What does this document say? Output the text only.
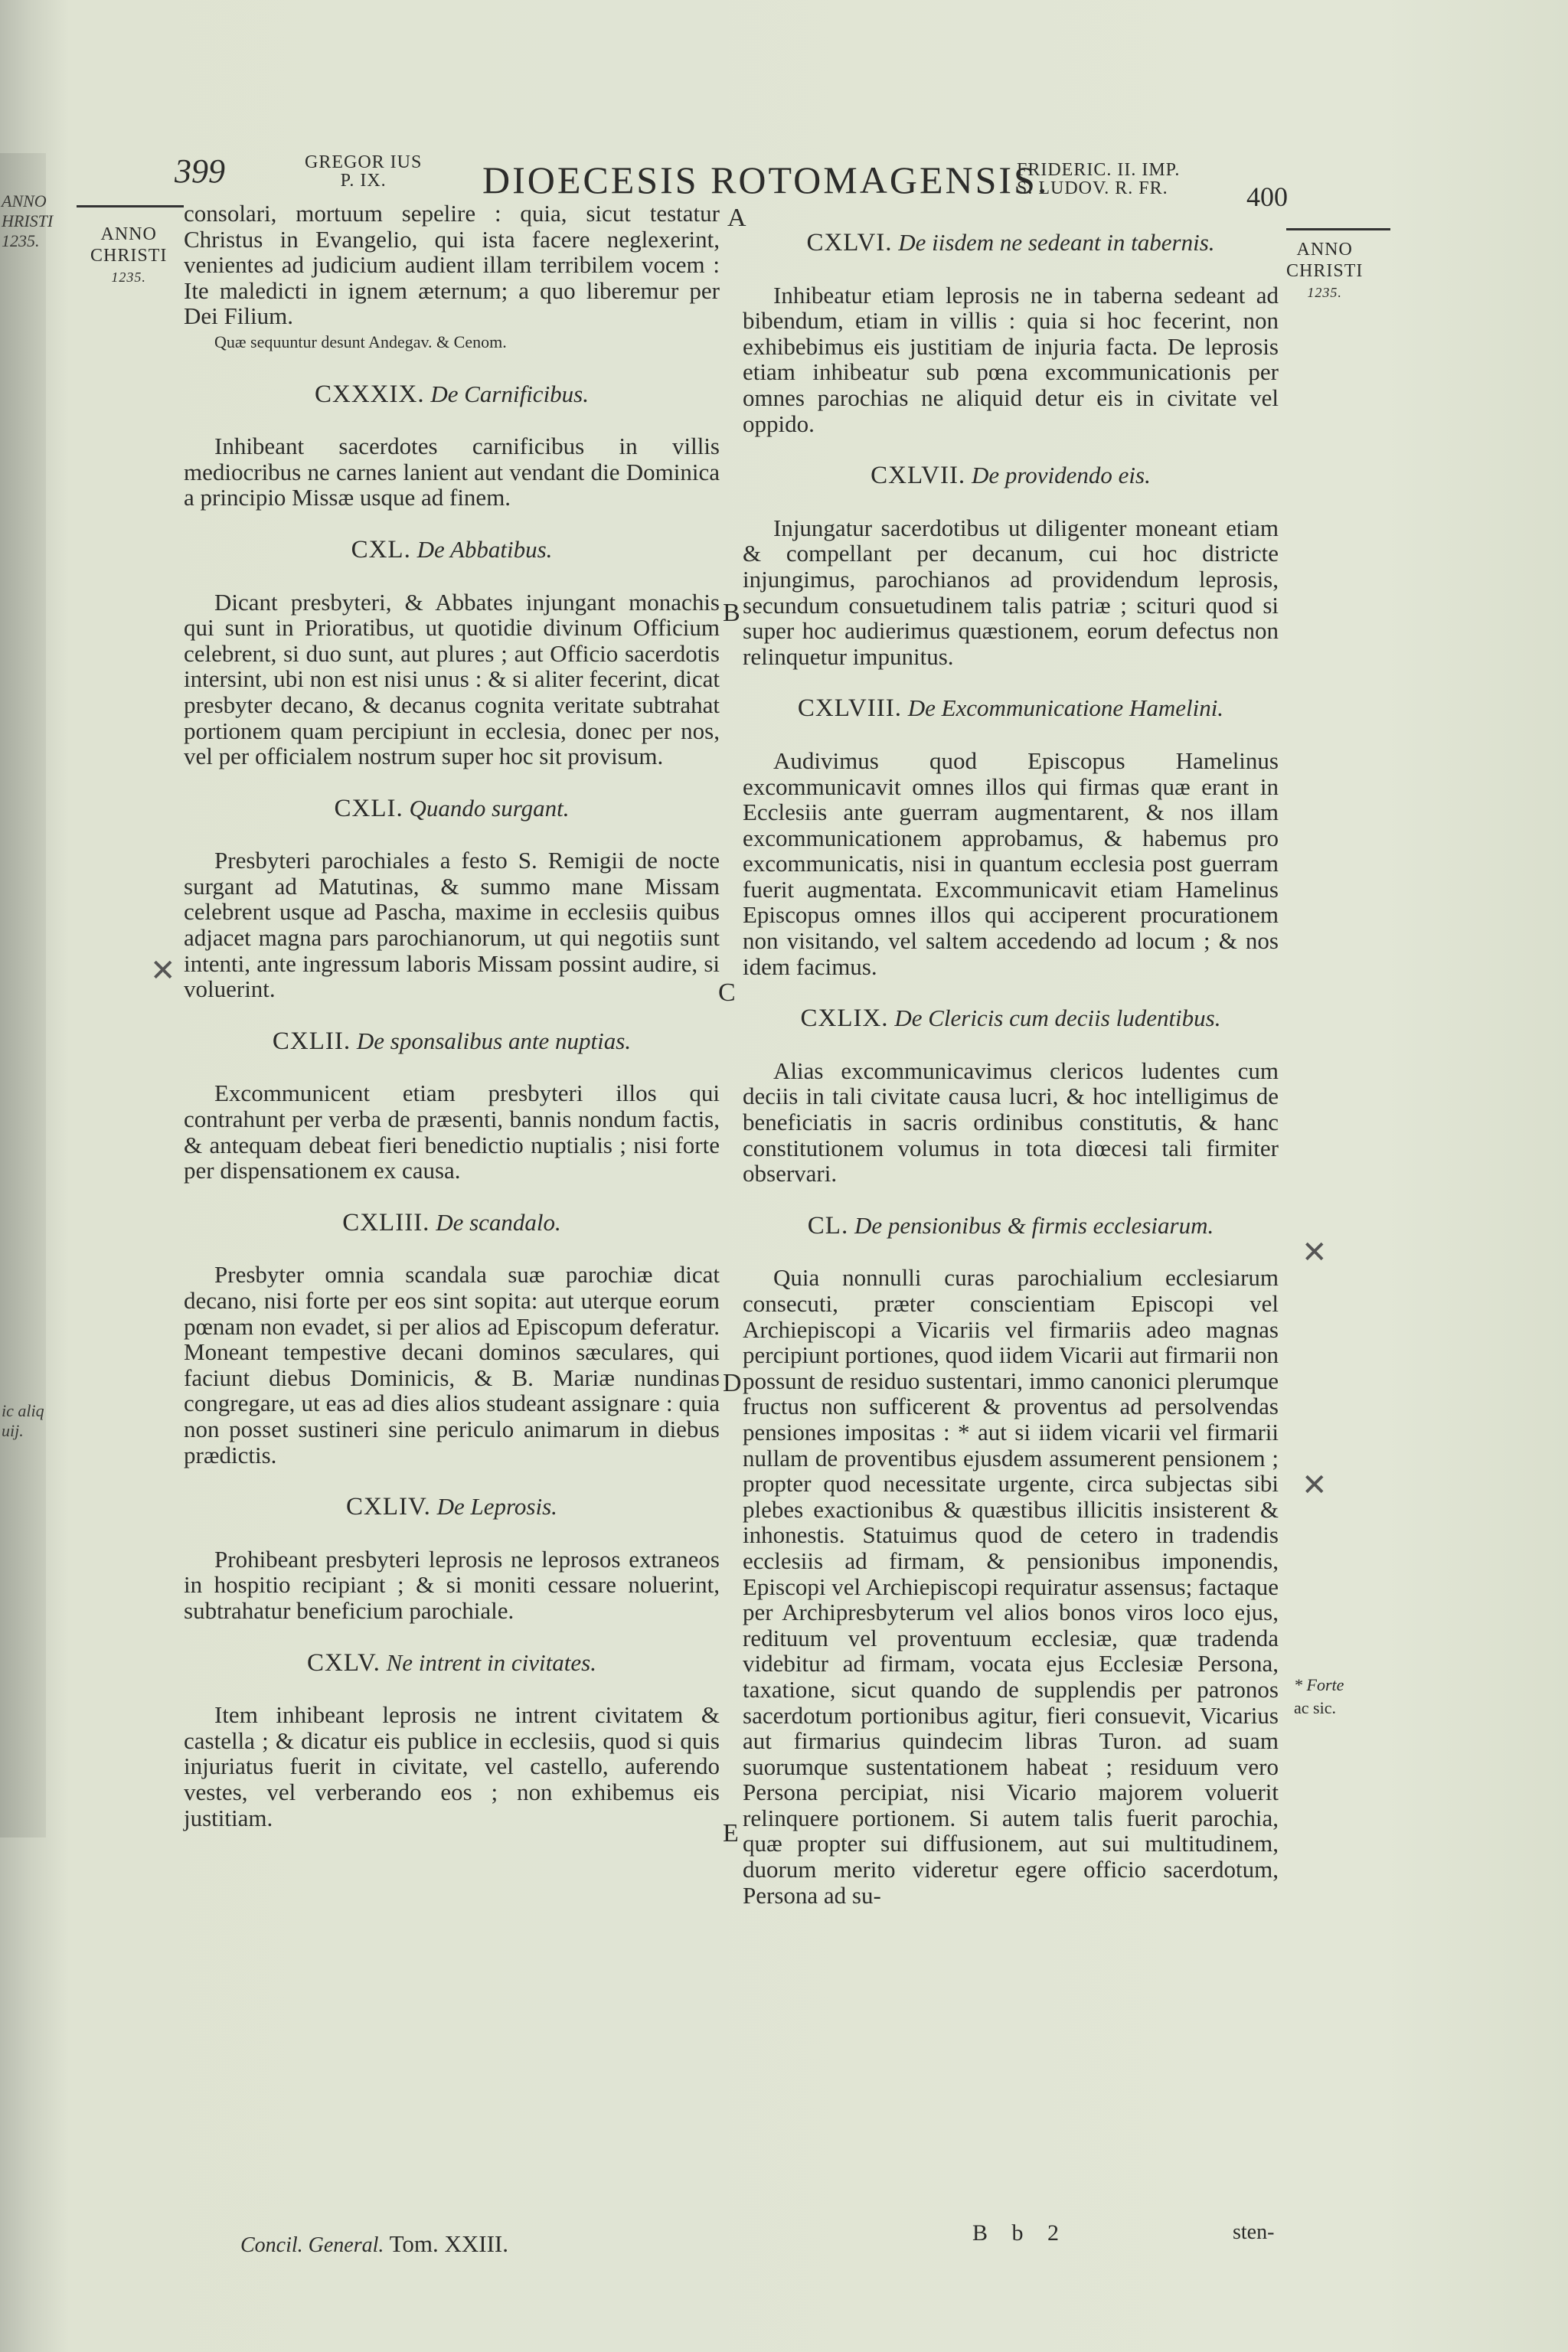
ANNO
HRISTI
1235.
ic aliq
uij.
399	GREGOR IUS
P. IX.	DIOECESIS ROTOMAGENSIS.
FRIDERIC. II. IMP.
S. LUDOV. R. FR.	400
ANNO
CHRISTI
1235.
ANNO
CHRISTI
1235.
A
B
C
D
E
✕
✕
✕

consolari, mortuum sepelire : quia, sicut testatur Christus in Evangelio, qui ista facere neglexerint, venientes ad judicium audient illam terribilem vocem : Ite maledicti in ignem æternum; a quo liberemur per Dei Filium.

Quæ sequuntur desunt Andegav. & Cenom.

CXXXIX. De Carnificibus.

Inhibeant sacerdotes carnificibus in villis mediocribus ne carnes lanient aut vendant die Dominica a principio Missæ usque ad finem.

CXL. De Abbatibus.

Dicant presbyteri, & Abbates injungant monachis qui sunt in Prioratibus, ut quotidie divinum Officium celebrent, si duo sunt, aut plures ; aut Officio sacerdotis intersint, ubi non est nisi unus : & si aliter fecerint, dicat presbyter decano, & decanus cognita veritate subtrahat portionem quam percipiunt in ecclesia, donec per nos, vel per officialem nostrum super hoc sit provisum.

CXLI. Quando surgant.

Presbyteri parochiales a festo S. Remigii de nocte surgant ad Matutinas, & summo mane Missam celebrent usque ad Pascha, maxime in ecclesiis quibus adjacet magna pars parochianorum, ut qui negotiis sunt intenti, ante ingressum laboris Missam possint audire, si voluerint.

CXLII. De sponsalibus ante nuptias.

Excommunicent etiam presbyteri illos qui contrahunt per verba de præsenti, bannis nondum factis, & antequam debeat fieri benedictio nuptialis ; nisi forte per dispensationem ex causa.

CXLIII. De scandalo.

Presbyter omnia scandala suæ parochiæ dicat decano, nisi forte per eos sint sopita: aut uterque eorum pœnam non evadet, si per alios ad Episcopum deferatur. Moneant tempestive decani dominos sæculares, qui faciunt diebus Dominicis, & B. Mariæ nundinas congregare, ut eas ad dies alios studeant assignare : quia non posset sustineri sine periculo animarum in diebus prædictis.

CXLIV. De Leprosis.

Prohibeant presbyteri leprosis ne leprosos extraneos in hospitio recipiant ; & si moniti cessare noluerint, subtrahatur beneficium parochiale.

CXLV. Ne intrent in civitates.

Item inhibeant leprosis ne intrent civitatem & castella ; & dicatur eis publice in ecclesiis, quod si quis injuriatus fuerit in civitate, vel castello, auferendo vestes, vel verberando eos ; non exhibemus eis justitiam.

CXLVI. De iisdem ne sedeant in tabernis.

Inhibeatur etiam leprosis ne in taberna sedeant ad bibendum, etiam in villis : quia si hoc fecerint, non exhibebimus eis justitiam de injuria facta. De leprosis etiam inhibeatur sub pœna excommunicationis per omnes parochias ne aliquid detur eis in civitate vel oppido.

CXLVII. De providendo eis.

Injungatur sacerdotibus ut diligenter moneant etiam & compellant per decanum, cui hoc districte injungimus, parochianos ad providendum leprosis, secundum consuetudinem talis patriæ ; sciturі quod si super hoc audierimus quæstionem, eorum defectus non relinquetur impunitus.

CXLVIII. De Excommunicatione Hamelini.

Audivimus quod Episcopus Hamelinus excommunicavit omnes illos qui firmas quæ erant in Ecclesiis ante guerram augmentarent, & nos illam excommunicationem approbamus, & habemus pro excommunicatis, nisi in quantum ecclesia post guerram fuerit augmentata. Excommunicavit etiam Hamelinus Episcopus omnes illos qui acciperent procurationem non visitando, vel saltem accedendo ad locum ; & nos idem facimus.

CXLIX. De Clericis cum deciis ludentibus.

Alias excommunicavimus clericos ludentes cum deciis in tali civitate causa lucri, & hoc intelligimus de beneficiatis in sacris ordinibus constitutis, & hanc constitutionem volumus in tota diœcesi tali firmiter observari.

CL. De pensionibus & firmis ecclesiarum.

Quia nonnulli curas parochialium ecclesiarum consecuti, præter conscientiam Episcopi vel Archiepiscopi a Vicariis vel firmariis adeo magnas percipiunt portiones, quod iidem Vicarii aut firmarii non possunt de residuo sustentari, immo canonici plerumque fructus non sufficerent & proventus ad persolvendas pensiones impositas : * aut si iidem vicarii vel firmarii nullam de proventibus ejusdem assumerent pensionem ; propter quod necessitate urgente, circa subjectas sibi plebes exactionibus & quæstibus illicitis insisterent & inhonestis. Statuimus quod de cetero in tradendis ecclesiis ad firmam, & pensionibus imponendis, Episcopi vel Archiepiscopi requiratur assensus; factaque per Archipresbyterum vel alios bonos viros loco ejus, redituum vel proventuum ecclesiæ, quæ tradenda videbitur ad firmam, vocata ejus Ecclesiæ Persona, taxatione, sicut quando de supplendis per patronos sacerdotum portionibus agitur, fieri consuevit, Vicarius aut firmarius quindecim libras Turon. ad suam suorumque sustentationem habeat ; residuum vero Persona percipiat, nisi Vicario majorem voluerit relinquere portionem. Si autem talis fuerit parochia, quæ propter sui diffusionem, aut sui multitudinem, duorum merito videretur egere officio sacerdotum, Persona ad su-

* Forte
ac sic.
Concil. General. Tom. XXIII.	B b 2	sten-
